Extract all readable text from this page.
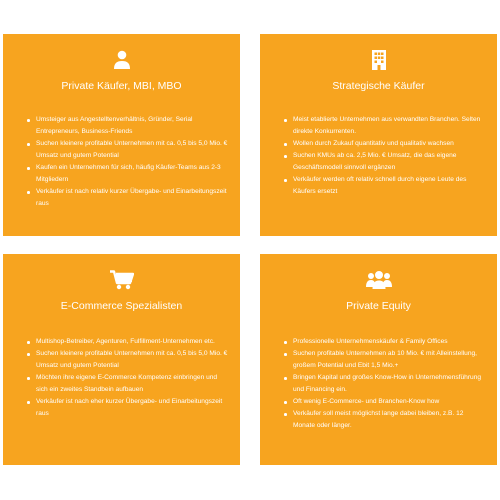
Private Käufer, MBI, MBO
Umsteiger aus Angestelltenverhältnis, Gründer, Serial Entrepreneurs, Business-Friends
Suchen kleinere profitable Unternehmen mit ca. 0,5 bis 5,0 Mio. € Umsatz und gutem Potential
Kaufen ein Unternehmen für sich, häufig Käufer-Teams aus 2-3 Mitgliedern
Verkäufer ist nach relativ kurzer Übergabe- und Einarbeitungszeit raus
Strategische Käufer
Meist etablierte Unternehmen aus verwandten Branchen. Selten direkte Konkurrenten.
Wollen durch Zukauf quantitativ und qualitativ wachsen
Suchen KMUs ab ca. 2,5 Mio. € Umsatz, die das eigene Geschäftsmodell sinnvoll ergänzen
Verkäufer werden oft relativ schnell durch eigene Leute des Käufers ersetzt
E-Commerce Spezialisten
Multishop-Betreiber, Agenturen, Fulfillment-Unternehmen etc.
Suchen kleinere profitable Unternehmen mit ca. 0,5 bis 5,0 Mio. € Umsatz und gutem Potential
Möchten ihre eigene E-Commerce Kompetenz einbringen und sich ein zweites Standbein aufbauen
Verkäufer ist nach eher kurzer Übergabe- und Einarbeitungszeit raus
Private Equity
Professionelle Unternehmenskäufer & Family Offices
Suchen profitable Unternehmen ab 10 Mio. € mit Alleinstellung, großem Potential und Ebit 1,5 Mio.+
Bringen Kapital und großes Know-How in Unternehmensführung und Financing ein.
Oft wenig E-Commerce- und Branchen-Know how
Verkäufer soll meist möglichst lange dabei bleiben, z.B. 12 Monate oder länger.
